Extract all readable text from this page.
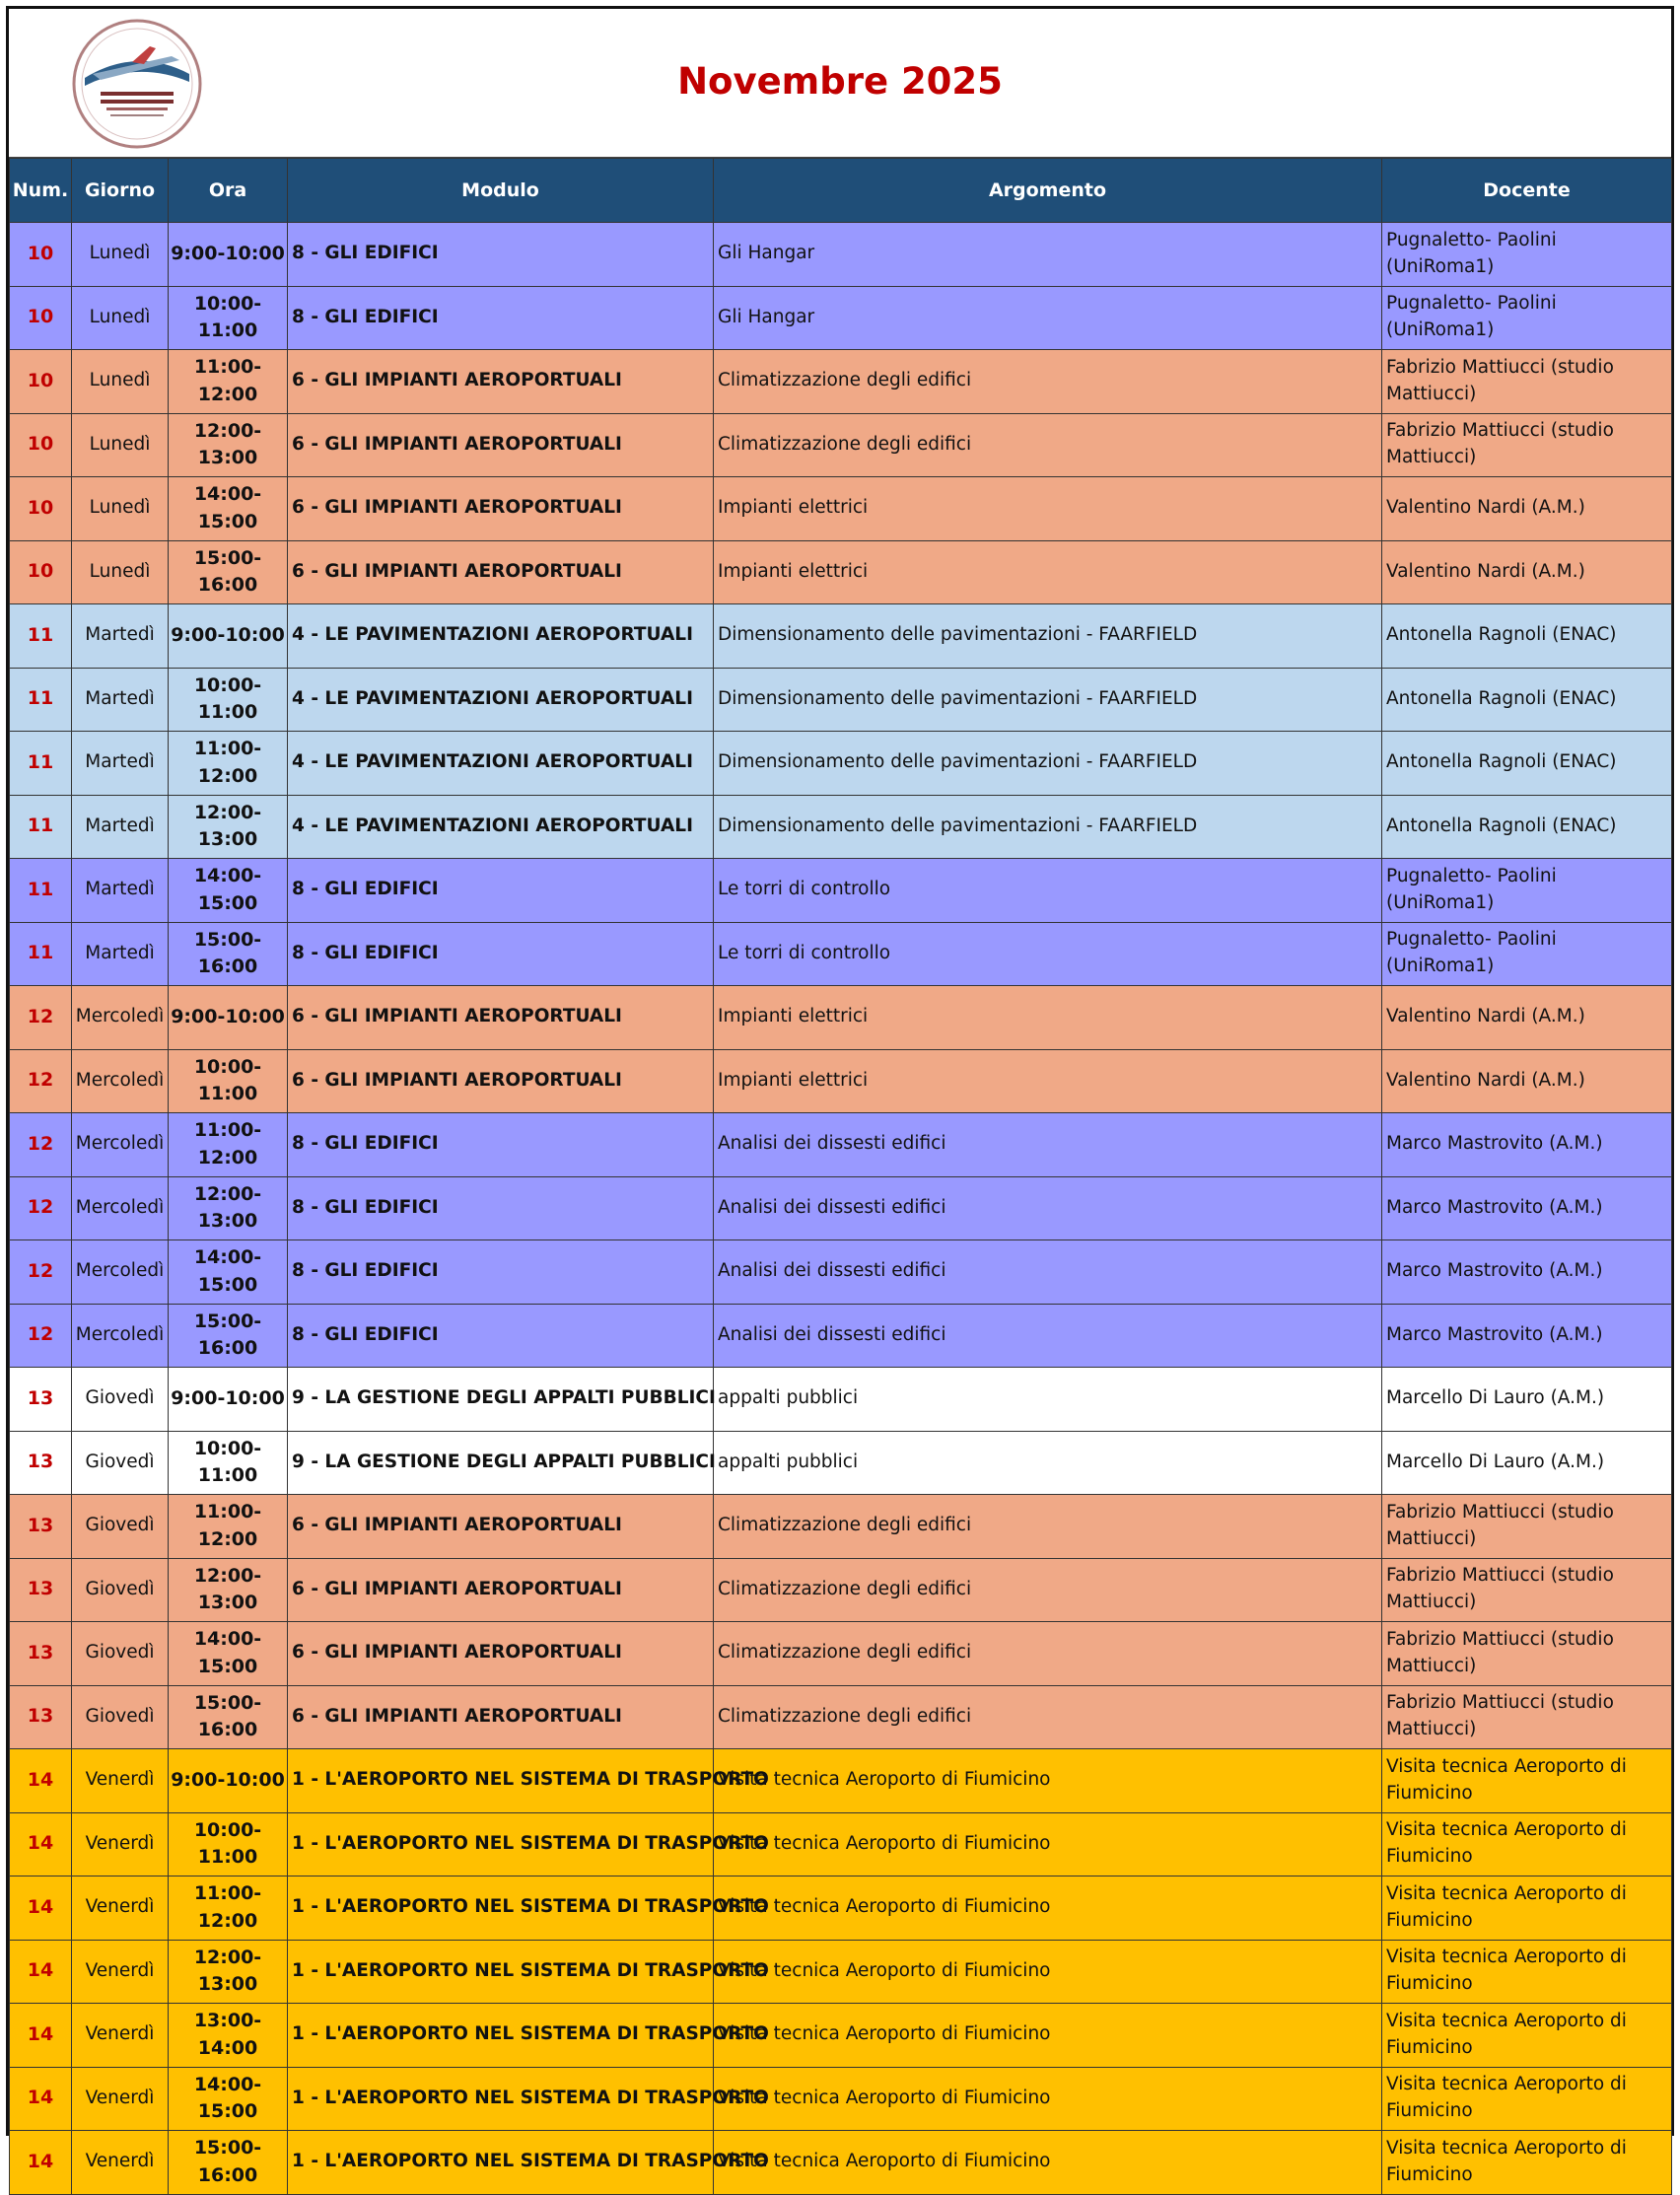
Novembre 2025
Num.	Giorno	Ora	Modulo	Argomento	Docente
10	Lunedì	9:00-10:00	8 - GLI EDIFICI	Gli Hangar	Pugnaletto- Paolini (UniRoma1)
10	Lunedì	10:00-11:00	8 - GLI EDIFICI	Gli Hangar	Pugnaletto- Paolini (UniRoma1)
10	Lunedì	11:00-12:00	6 - GLI IMPIANTI AEROPORTUALI	Climatizzazione degli edifici	Fabrizio Mattiucci (studio Mattiucci)
10	Lunedì	12:00-13:00	6 - GLI IMPIANTI AEROPORTUALI	Climatizzazione degli edifici	Fabrizio Mattiucci (studio Mattiucci)
10	Lunedì	14:00-15:00	6 - GLI IMPIANTI AEROPORTUALI	Impianti elettrici	Valentino Nardi (A.M.)
10	Lunedì	15:00-16:00	6 - GLI IMPIANTI AEROPORTUALI	Impianti elettrici	Valentino Nardi (A.M.)
11	Martedì	9:00-10:00	4 - LE PAVIMENTAZIONI AEROPORTUALI	Dimensionamento delle pavimentazioni - FAARFIELD	Antonella Ragnoli (ENAC)
11	Martedì	10:00-11:00	4 - LE PAVIMENTAZIONI AEROPORTUALI	Dimensionamento delle pavimentazioni - FAARFIELD	Antonella Ragnoli (ENAC)
11	Martedì	11:00-12:00	4 - LE PAVIMENTAZIONI AEROPORTUALI	Dimensionamento delle pavimentazioni - FAARFIELD	Antonella Ragnoli (ENAC)
11	Martedì	12:00-13:00	4 - LE PAVIMENTAZIONI AEROPORTUALI	Dimensionamento delle pavimentazioni - FAARFIELD	Antonella Ragnoli (ENAC)
11	Martedì	14:00-15:00	8 - GLI EDIFICI	Le torri di controllo	Pugnaletto- Paolini (UniRoma1)
11	Martedì	15:00-16:00	8 - GLI EDIFICI	Le torri di controllo	Pugnaletto- Paolini (UniRoma1)
12	Mercoledì	9:00-10:00	6 - GLI IMPIANTI AEROPORTUALI	Impianti elettrici	Valentino Nardi (A.M.)
12	Mercoledì	10:00-11:00	6 - GLI IMPIANTI AEROPORTUALI	Impianti elettrici	Valentino Nardi (A.M.)
12	Mercoledì	11:00-12:00	8 - GLI EDIFICI	Analisi dei dissesti edifici	Marco Mastrovito (A.M.)
12	Mercoledì	12:00-13:00	8 - GLI EDIFICI	Analisi dei dissesti edifici	Marco Mastrovito (A.M.)
12	Mercoledì	14:00-15:00	8 - GLI EDIFICI	Analisi dei dissesti edifici	Marco Mastrovito (A.M.)
12	Mercoledì	15:00-16:00	8 - GLI EDIFICI	Analisi dei dissesti edifici	Marco Mastrovito (A.M.)
13	Giovedì	9:00-10:00	9 - LA GESTIONE DEGLI APPALTI PUBBLICI	appalti pubblici	Marcello Di Lauro (A.M.)
13	Giovedì	10:00-11:00	9 - LA GESTIONE DEGLI APPALTI PUBBLICI	appalti pubblici	Marcello Di Lauro (A.M.)
13	Giovedì	11:00-12:00	6 - GLI IMPIANTI AEROPORTUALI	Climatizzazione degli edifici	Fabrizio Mattiucci (studio Mattiucci)
13	Giovedì	12:00-13:00	6 - GLI IMPIANTI AEROPORTUALI	Climatizzazione degli edifici	Fabrizio Mattiucci (studio Mattiucci)
13	Giovedì	14:00-15:00	6 - GLI IMPIANTI AEROPORTUALI	Climatizzazione degli edifici	Fabrizio Mattiucci (studio Mattiucci)
13	Giovedì	15:00-16:00	6 - GLI IMPIANTI AEROPORTUALI	Climatizzazione degli edifici	Fabrizio Mattiucci (studio Mattiucci)
14	Venerdì	9:00-10:00	1 - L'AEROPORTO NEL SISTEMA DI TRASPORTO	Visita tecnica Aeroporto di Fiumicino	Visita tecnica Aeroporto di Fiumicino
14	Venerdì	10:00-11:00	1 - L'AEROPORTO NEL SISTEMA DI TRASPORTO	Visita tecnica Aeroporto di Fiumicino	Visita tecnica Aeroporto di Fiumicino
14	Venerdì	11:00-12:00	1 - L'AEROPORTO NEL SISTEMA DI TRASPORTO	Visita tecnica Aeroporto di Fiumicino	Visita tecnica Aeroporto di Fiumicino
14	Venerdì	12:00-13:00	1 - L'AEROPORTO NEL SISTEMA DI TRASPORTO	Visita tecnica Aeroporto di Fiumicino	Visita tecnica Aeroporto di Fiumicino
14	Venerdì	13:00-14:00	1 - L'AEROPORTO NEL SISTEMA DI TRASPORTO	Visita tecnica Aeroporto di Fiumicino	Visita tecnica Aeroporto di Fiumicino
14	Venerdì	14:00-15:00	1 - L'AEROPORTO NEL SISTEMA DI TRASPORTO	Visita tecnica Aeroporto di Fiumicino	Visita tecnica Aeroporto di Fiumicino
14	Venerdì	15:00-16:00	1 - L'AEROPORTO NEL SISTEMA DI TRASPORTO	Visita tecnica Aeroporto di Fiumicino	Visita tecnica Aeroporto di Fiumicino
